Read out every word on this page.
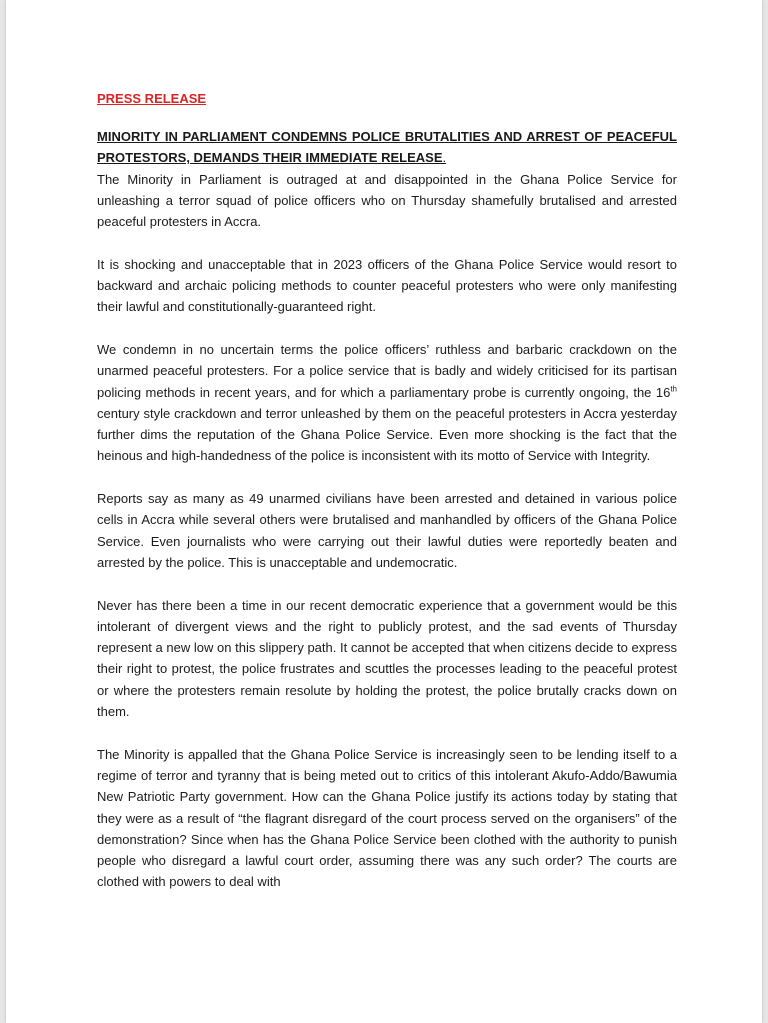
PRESS RELEASE
MINORITY IN PARLIAMENT CONDEMNS POLICE BRUTALITIES AND ARREST OF PEACEFUL PROTESTORS, DEMANDS THEIR IMMEDIATE RELEASE.

The Minority in Parliament is outraged at and disappointed in the Ghana Police Service for unleashing a terror squad of police officers who on Thursday shamefully brutalised and arrested peaceful protesters in Accra.

It is shocking and unacceptable that in 2023 officers of the Ghana Police Service would resort to backward and archaic policing methods to counter peaceful protesters who were only manifesting their lawful and constitutionally-guaranteed right.

We condemn in no uncertain terms the police officers’ ruthless and barbaric crackdown on the unarmed peaceful protesters. For a police service that is badly and widely criticised for its partisan policing methods in recent years, and for which a parliamentary probe is currently ongoing, the 16th century style crackdown and terror unleashed by them on the peaceful protesters in Accra yesterday further dims the reputation of the Ghana Police Service. Even more shocking is the fact that the heinous and high-handedness of the police is inconsistent with its motto of Service with Integrity.

Reports say as many as 49 unarmed civilians have been arrested and detained in various police cells in Accra while several others were brutalised and manhandled by officers of the Ghana Police Service. Even journalists who were carrying out their lawful duties were reportedly beaten and arrested by the police. This is unacceptable and undemocratic.

Never has there been a time in our recent democratic experience that a government would be this intolerant of divergent views and the right to publicly protest, and the sad events of Thursday represent a new low on this slippery path. It cannot be accepted that when citizens decide to express their right to protest, the police frustrates and scuttles the processes leading to the peaceful protest or where the protesters remain resolute by holding the protest, the police brutally cracks down on them.

The Minority is appalled that the Ghana Police Service is increasingly seen to be lending itself to a regime of terror and tyranny that is being meted out to critics of this intolerant Akufo-Addo/Bawumia New Patriotic Party government. How can the Ghana Police justify its actions today by stating that they were as a result of “the flagrant disregard of the court process served on the organisers” of the demonstration? Since when has the Ghana Police Service been clothed with the authority to punish people who disregard a lawful court order, assuming there was any such order? The courts are clothed with powers to deal with
